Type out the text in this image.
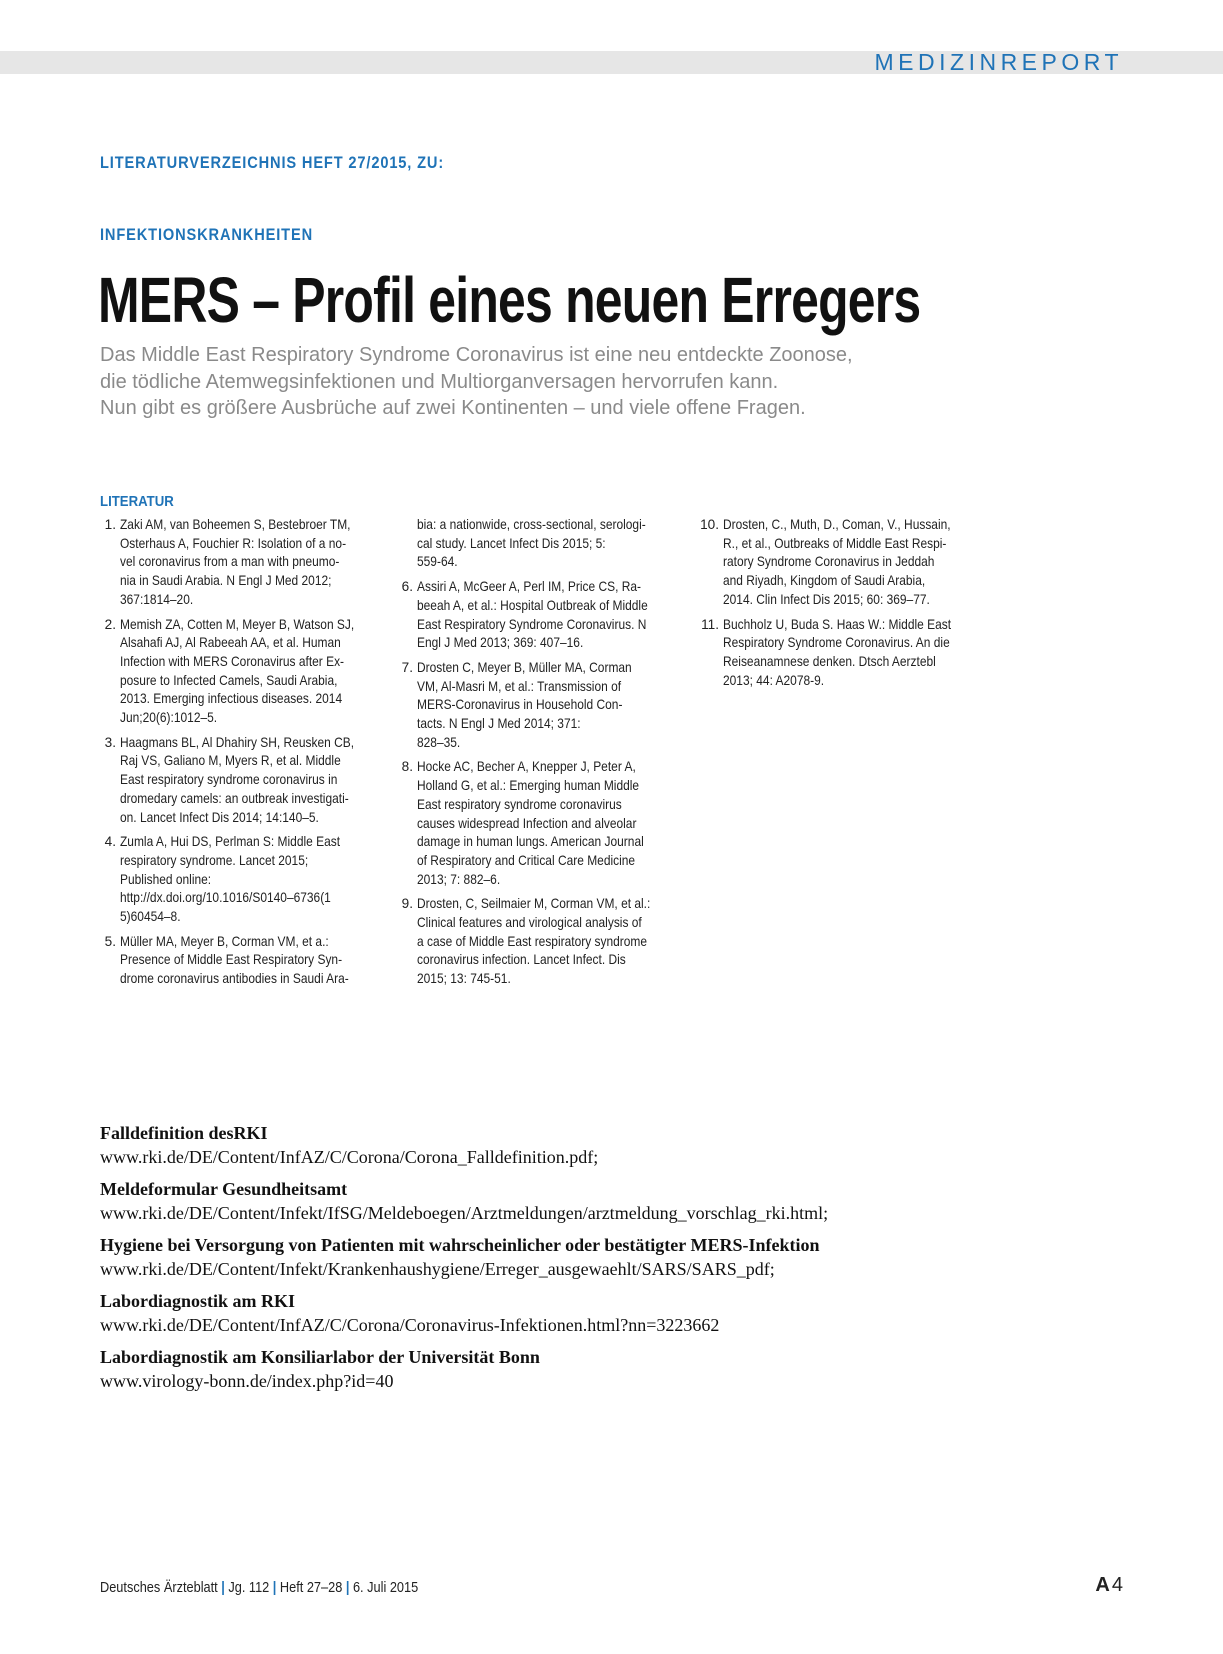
MEDIZINREPORT
LITERATURVERZEICHNIS HEFT 27/2015, ZU:
INFEKTIONSKRANKHEITEN
MERS – Profil eines neuen Erregers
Das Middle East Respiratory Syndrome Coronavirus ist eine neu entdeckte Zoonose,
die tödliche Atemwegsinfektionen und Multiorganversagen hervorrufen kann.
Nun gibt es größere Ausbrüche auf zwei Kontinenten – und viele offene Fragen.
LITERATUR
1. Zaki AM, van Boheemen S, Bestebroer TM,
Osterhaus A, Fouchier R: Isolation of a no-
vel coronavirus from a man with pneumo-
nia in Saudi Arabia. N Engl J Med 2012;
367:1814–20.
2. Memish ZA, Cotten M, Meyer B, Watson SJ,
Alsahafi AJ, Al Rabeeah AA, et al. Human
Infection with MERS Coronavirus after Ex-
posure to Infected Camels, Saudi Arabia,
2013. Emerging infectious diseases. 2014
Jun;20(6):1012–5.
3. Haagmans BL, Al Dhahiry SH, Reusken CB,
Raj VS, Galiano M, Myers R, et al. Middle
East respiratory syndrome coronavirus in
dromedary camels: an outbreak investigati-
on. Lancet Infect Dis 2014; 14:140–5.
4. Zumla A, Hui DS, Perlman S: Middle East
respiratory syndrome. Lancet 2015;
Published online:
http://dx.doi.org/10.1016/S0140–6736(1
5)60454–8.
5. Müller MA, Meyer B, Corman VM, et a.:
Presence of Middle East Respiratory Syn-
drome coronavirus antibodies in Saudi Ara-
bia: a nationwide, cross-sectional, serologi-
cal study. Lancet Infect Dis 2015; 5:
559-64.
6. Assiri A, McGeer A, Perl IM, Price CS, Ra-
beeah A, et al.: Hospital Outbreak of Middle
East Respiratory Syndrome Coronavirus. N
Engl J Med 2013; 369: 407–16.
7. Drosten C, Meyer B, Müller MA, Corman
VM, Al-Masri M, et al.: Transmission of
MERS-Coronavirus in Household Con-
tacts. N Engl J Med 2014; 371:
828–35.
8. Hocke AC, Becher A, Knepper J, Peter A,
Holland G, et al.: Emerging human Middle
East respiratory syndrome coronavirus
causes widespread Infection and alveolar
damage in human lungs. American Journal
of Respiratory and Critical Care Medicine
2013; 7: 882–6.
9. Drosten, C, Seilmaier M, Corman VM, et al.:
Clinical features and virological analysis of
a case of Middle East respiratory syndrome
coronavirus infection. Lancet Infect. Dis
2015; 13: 745-51.
10. Drosten, C., Muth, D., Coman, V., Hussain,
R., et al., Outbreaks of Middle East Respi-
ratory Syndrome Coronavirus in Jeddah
and Riyadh, Kingdom of Saudi Arabia,
2014. Clin Infect Dis 2015; 60: 369–77.
11. Buchholz U, Buda S. Haas W.: Middle East
Respiratory Syndrome Coronavirus. An die
Reiseanamnese denken. Dtsch Aerztebl
2013; 44: A2078-9.
Falldefinition desRKI
www.rki.de/DE/Content/InfAZ/C/Corona/Corona_Falldefinition.pdf;
Meldeformular Gesundheitsamt
www.rki.de/DE/Content/Infekt/IfSG/Meldeboegen/Arztmeldungen/arztmeldung_vorschlag_rki.html;
Hygiene bei Versorgung von Patienten mit wahrscheinlicher oder bestätigter MERS-Infektion
www.rki.de/DE/Content/Infekt/Krankenhaushygiene/Erreger_ausgewaehlt/SARS/SARS_pdf;
Labordiagnostik am RKI
www.rki.de/DE/Content/InfAZ/C/Corona/Coronavirus-Infektionen.html?nn=3223662
Labordiagnostik am Konsiliarlabor der Universität Bonn
www.virology-bonn.de/index.php?id=40
Deutsches Ärzteblatt | Jg. 112 | Heft 27–28 | 6. Juli 2015	A 4
